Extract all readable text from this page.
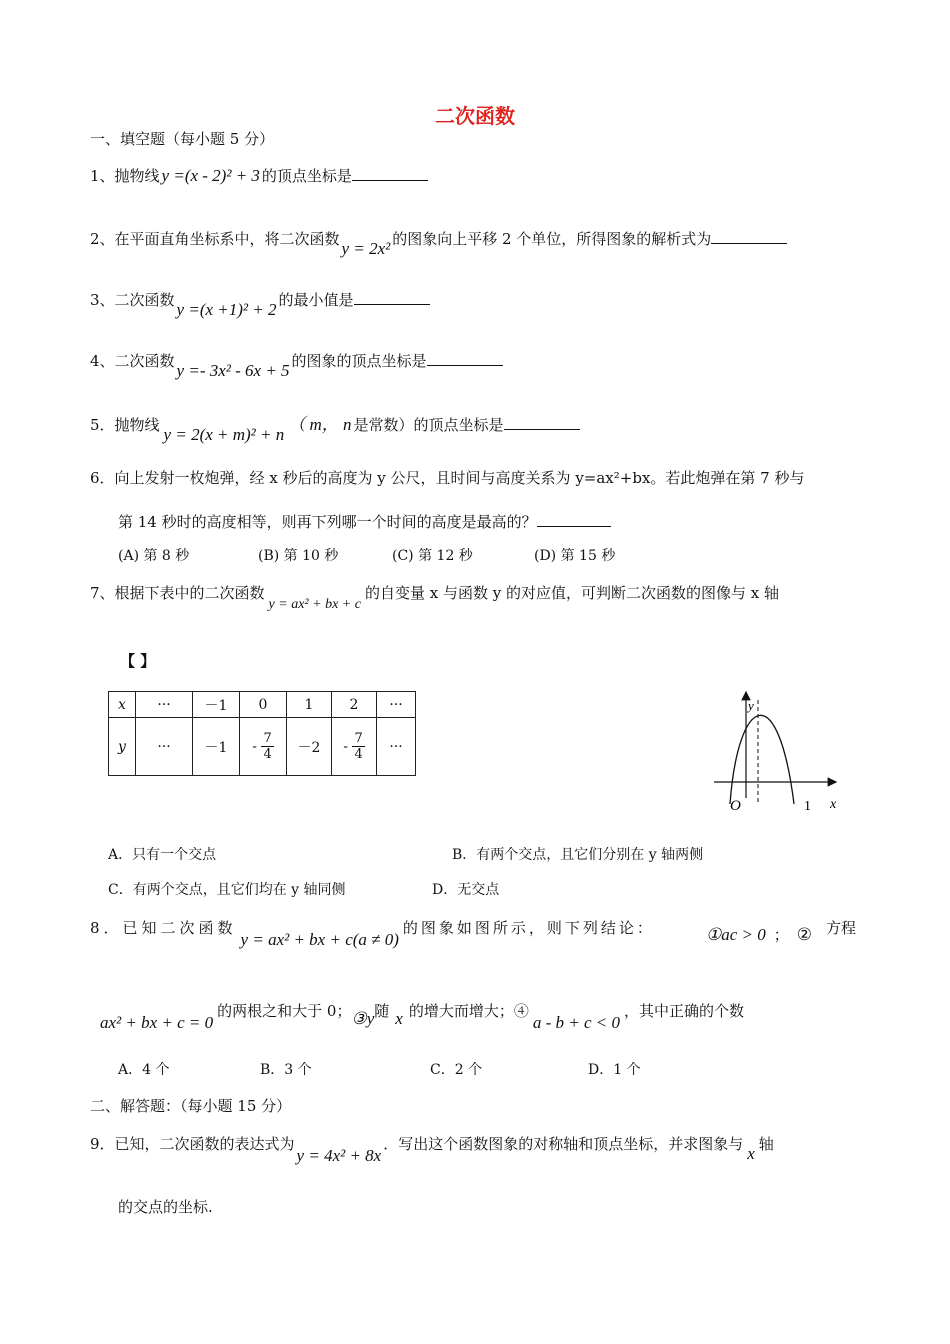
二次函数
一、填空题（每小题 5 分）
1、抛物线 y =(x - 2)² + 3 的顶点坐标是
2、在平面直角坐标系中，将二次函数 y = 2x² 的图象向上平移 2 个单位，所得图象的解析式为
3、二次函数 y =(x +1)² + 2 的最小值是
4、二次函数 y =- 3x² - 6x + 5 的图象的顶点坐标是
5．抛物线 y = 2(x + m)² + n（ m， n 是常数）的顶点坐标是
6．向上发射一枚炮弹，经 x 秒后的高度为 y 公尺，且时间与高度关系为 y=ax²+bx。若此炮弹在第 7 秒与
第 14 秒时的高度相等，则再下列哪一个时间的高度是最高的？
(A) 第 8 秒	(B) 第 10 秒	(C) 第 12 秒	(D) 第 15 秒
7、根据下表中的二次函数y = ax² + bx + c的自变量 x 与函数 y 的对应值，可判断二次函数的图像与 x 轴
【 】
x	···	－1	0	1	2	···
y	···	－1	- $\frac{7}{4}$	－2	- $\frac{7}{4}$	···
y
O	1 x
A．只有一个交点	B．有两个交点，且它们分别在 y 轴两侧
C．有两个交点，且它们均在 y 轴同侧	D．无交点
8．已知二次函数y = ax² + bx + c(a ≠ 0)的图象如图所示，则下列结论：	①ac > 0 ； ② 方程
ax² + bx + c = 0的两根之和大于 0；③y随 x 的增大而增大；④a - b + c < 0，其中正确的个数
A．4 个	B．3 个	C．2 个	D．1 个
二、解答题：（每小题 15 分）
9．已知，二次函数的表达式为y = 4x² + 8x．写出这个函数图象的对称轴和顶点坐标，并求图象与 x 轴
的交点的坐标.
